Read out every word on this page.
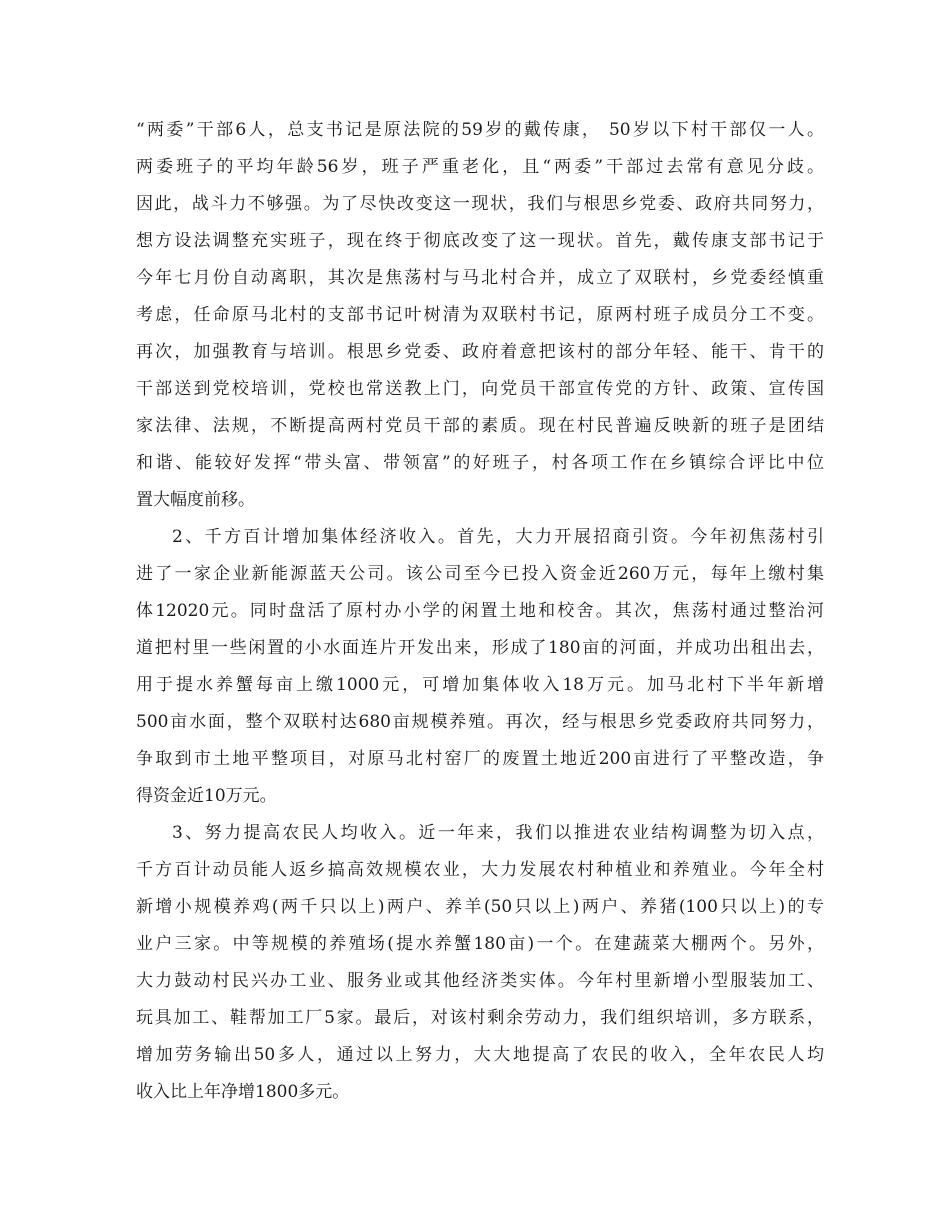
“两委”干部6人，总支书记是原法院的59岁的戴传康， 50岁以下村干部仅一人。
两委班子的平均年龄56岁，班子严重老化，且“两委”干部过去常有意见分歧。
因此，战斗力不够强。为了尽快改变这一现状，我们与根思乡党委、政府共同努力，
想方设法调整充实班子，现在终于彻底改变了这一现状。首先，戴传康支部书记于
今年七月份自动离职，其次是焦荡村与马北村合并，成立了双联村，乡党委经慎重
考虑，任命原马北村的支部书记叶树清为双联村书记，原两村班子成员分工不变。
再次，加强教育与培训。根思乡党委、政府着意把该村的部分年轻、能干、肯干的
干部送到党校培训，党校也常送教上门，向党员干部宣传党的方针、政策、宣传国
家法律、法规，不断提高两村党员干部的素质。现在村民普遍反映新的班子是团结
和谐、能较好发挥“带头富、带领富”的好班子，村各项工作在乡镇综合评比中位
置大幅度前移。
2、千方百计增加集体经济收入。首先，大力开展招商引资。今年初焦荡村引
进了一家企业新能源蓝天公司。该公司至今已投入资金近260万元，每年上缴村集
体12020元。同时盘活了原村办小学的闲置土地和校舍。其次，焦荡村通过整治河
道把村里一些闲置的小水面连片开发出来，形成了180亩的河面，并成功出租出去，
用于提水养蟹每亩上缴1000元，可增加集体收入18万元。加马北村下半年新增
500亩水面，整个双联村达680亩规模养殖。再次，经与根思乡党委政府共同努力，
争取到市土地平整项目，对原马北村窑厂的废置土地近200亩进行了平整改造，争
得资金近10万元。
3、努力提高农民人均收入。近一年来，我们以推进农业结构调整为切入点，
千方百计动员能人返乡搞高效规模农业，大力发展农村种植业和养殖业。今年全村
新增小规模养鸡(两千只以上)两户、养羊(50只以上)两户、养猪(100只以上)的专
业户三家。中等规模的养殖场(提水养蟹180亩)一个。在建蔬菜大棚两个。另外，
大力鼓动村民兴办工业、服务业或其他经济类实体。今年村里新增小型服装加工、
玩具加工、鞋帮加工厂5家。最后，对该村剩余劳动力，我们组织培训，多方联系，
增加劳务输出50多人，通过以上努力，大大地提高了农民的收入，全年农民人均
收入比上年净增1800多元。
